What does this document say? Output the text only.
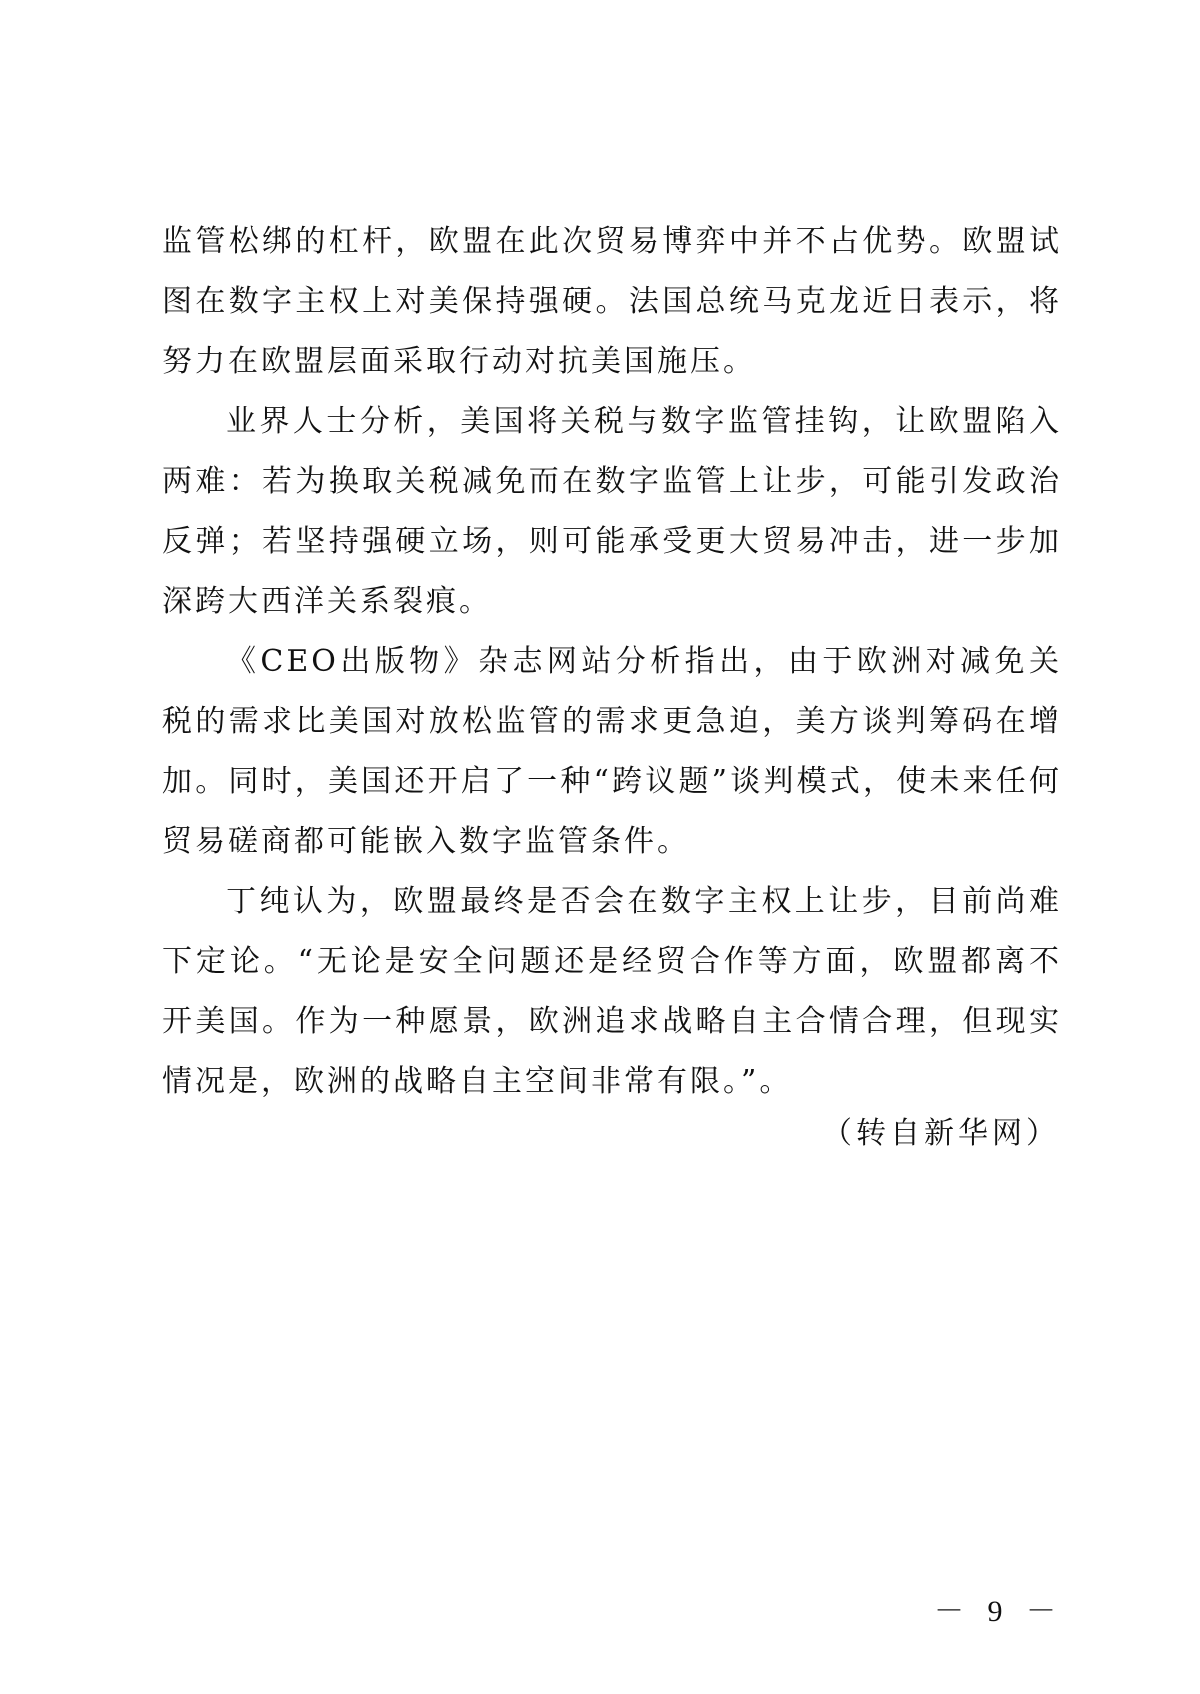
监管松绑的杠杆，欧盟在此次贸易博弈中并不占优势。欧盟试图在数字主权上对美保持强硬。法国总统马克龙近日表示，将努力在欧盟层面采取行动对抗美国施压。

业界人士分析，美国将关税与数字监管挂钩，让欧盟陷入两难：若为换取关税减免而在数字监管上让步，可能引发政治反弹；若坚持强硬立场，则可能承受更大贸易冲击，进一步加深跨大西洋关系裂痕。

《CEO出版物》杂志网站分析指出，由于欧洲对减免关税的需求比美国对放松监管的需求更急迫，美方谈判筹码在增加。同时，美国还开启了一种“跨议题”谈判模式，使未来任何贸易磋商都可能嵌入数字监管条件。

丁纯认为，欧盟最终是否会在数字主权上让步，目前尚难下定论。“无论是安全问题还是经贸合作等方面，欧盟都离不开美国。作为一种愿景，欧洲追求战略自主合情合理，但现实情况是，欧洲的战略自主空间非常有限。”。

（转自新华网）
－ 9 －
